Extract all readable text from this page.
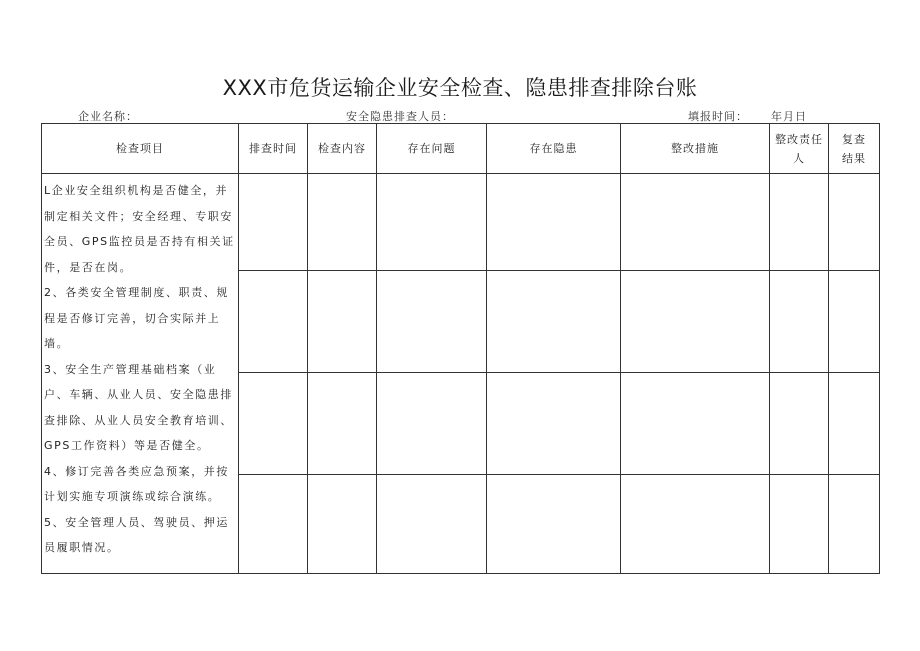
XXX市危货运输企业安全检查、隐患排查排除台账
企业名称：	安全隐患排查人员：	填报时间： 年月日
检查项目	排查时间	检查内容	存在问题	存在隐患	整改措施	整改责任人	复查结果

L企业安全组织机构是否健全，并制定相关文件；安全经理、专职安全员、GPS监控员是否持有相关证件，是否在岗。

2、各类安全管理制度、职责、规程是否修订完善，切合实际并上墙。

3、安全生产管理基础档案（业户、车辆、从业人员、安全隐患排查排除、从业人员安全教育培训、GPS工作资料）等是否健全。

4、修订完善各类应急预案，并按计划实施专项演练或综合演练。

5、安全管理人员、驾驶员、押运员履职情况。							
